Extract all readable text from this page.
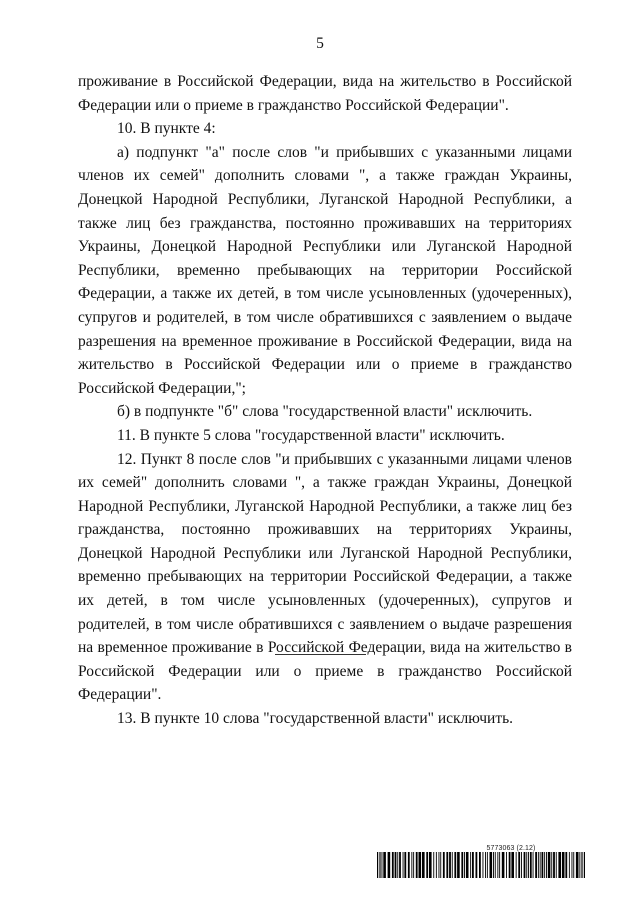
5

проживание в Российской Федерации, вида на жительство в Российской Федерации или о приеме в гражданство Российской Федерации".

10. В пункте 4:

а) подпункт "а" после слов "и прибывших с указанными лицами членов их семей" дополнить словами ", а также граждан Украины, Донецкой Народной Республики, Луганской Народной Республики, а также лиц без гражданства, постоянно проживавших на территориях Украины, Донецкой Народной Республики или Луганской Народной Республики, временно пребывающих на территории Российской Федерации, а также их детей, в том числе усыновленных (удочеренных), супругов и родителей, в том числе обратившихся с заявлением о выдаче разрешения на временное проживание в Российской Федерации, вида на жительство в Российской Федерации или о приеме в гражданство Российской Федерации,";

б) в подпункте "б" слова "государственной власти" исключить.

11. В пункте 5 слова "государственной власти" исключить.

12. Пункт 8 после слов "и прибывших с указанными лицами членов их семей" дополнить словами ", а также граждан Украины, Донецкой Народной Республики, Луганской Народной Республики, а также лиц без гражданства, постоянно проживавших на территориях Украины, Донецкой Народной Республики или Луганской Народной Республики, временно пребывающих на территории Российской Федерации, а также их детей, в том числе усыновленных (удочеренных), супругов и родителей, в том числе обратившихся с заявлением о выдаче разрешения на временное проживание в Российской Федерации, вида на жительство в Российской Федерации или о приеме в гражданство Российской Федерации".

13. В пункте 10 слова "государственной власти" исключить.

5773063 (2.12)
